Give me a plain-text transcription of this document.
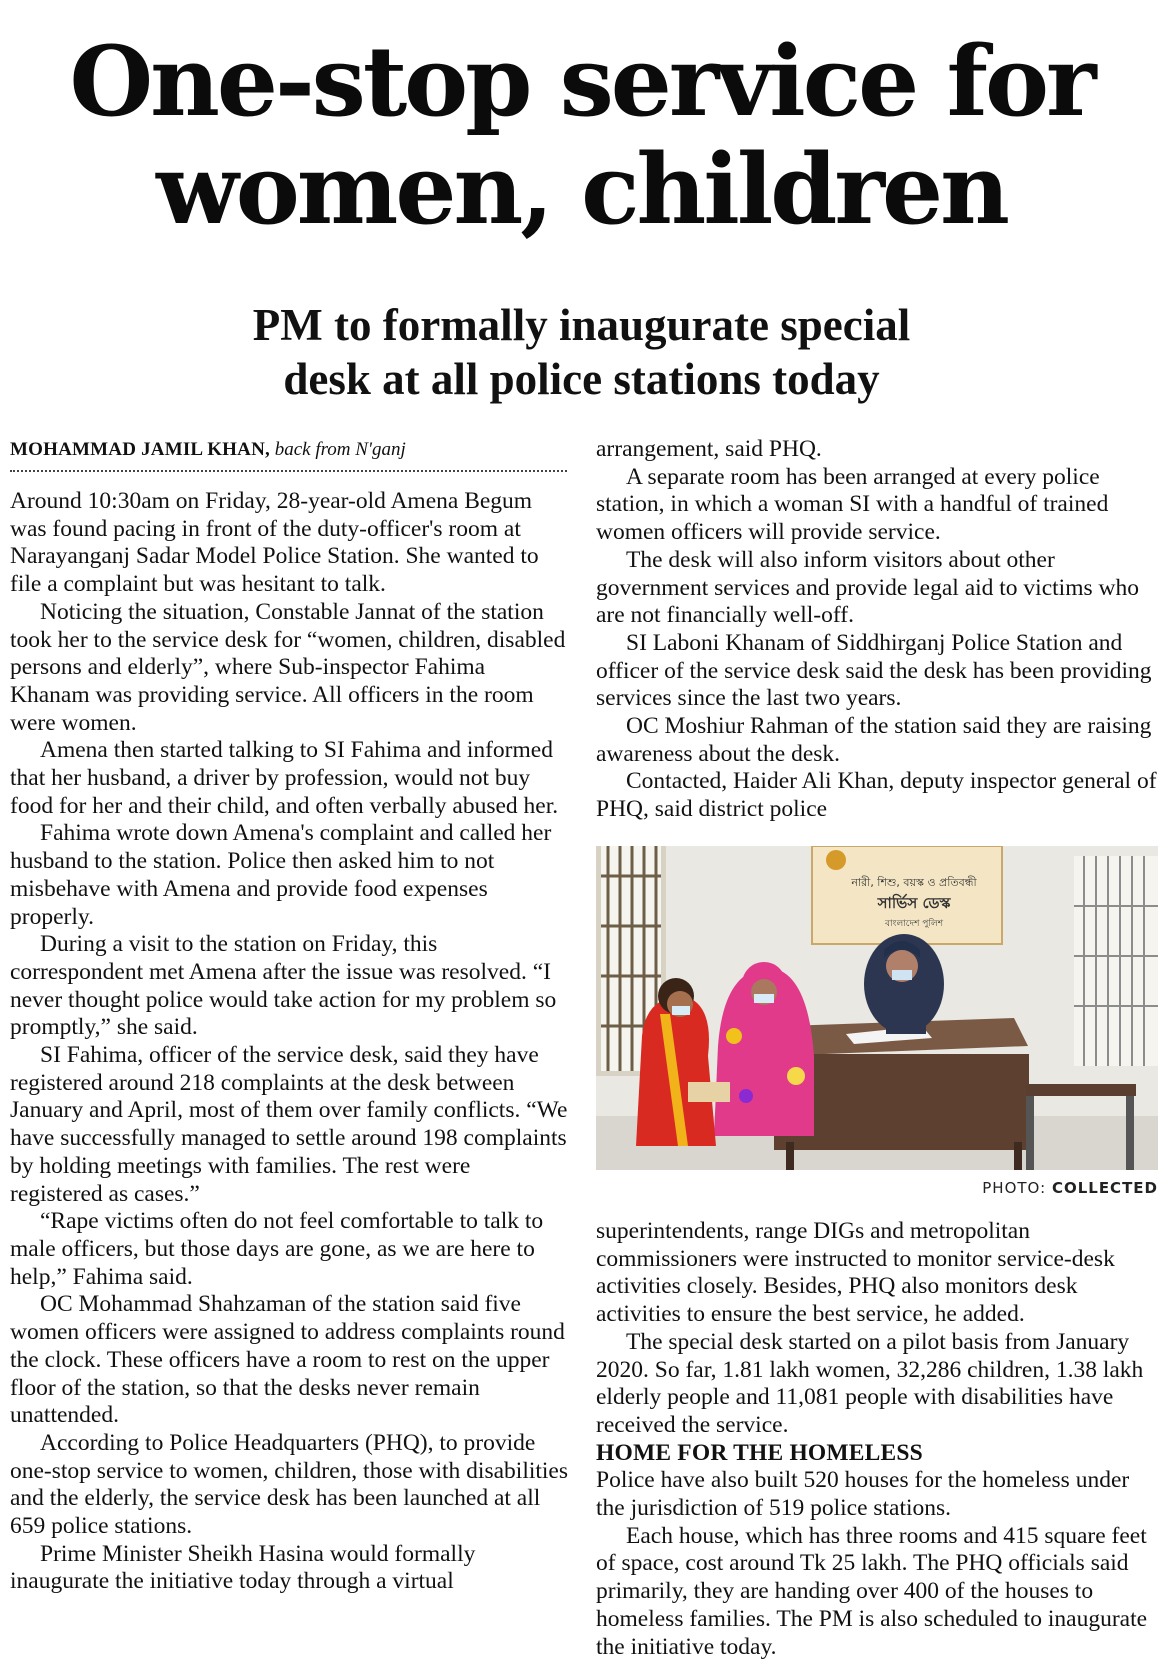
One-stop service for
women, children
PM to formally inaugurate special
desk at all police stations today
MOHAMMAD JAMIL KHAN, back from N'ganj

Around 10:30am on Friday, 28-year-old Amena Begum was found pacing in front of the duty-officer's room at Narayanganj Sadar Model Police Station. She wanted to file a complaint but was hesitant to talk.

Noticing the situation, Constable Jannat of the station took her to the service desk for “women, children, disabled persons and elderly”, where Sub-inspector Fahima Khanam was providing service. All officers in the room were women.

Amena then started talking to SI Fahima and informed that her husband, a driver by profession, would not buy food for her and their child, and often verbally abused her.

Fahima wrote down Amena's complaint and called her husband to the station. Police then asked him to not misbehave with Amena and provide food expenses properly.

During a visit to the station on Friday, this correspondent met Amena after the issue was resolved. “I never thought police would take action for my problem so promptly,” she said.

SI Fahima, officer of the service desk, said they have registered around 218 complaints at the desk between January and April, most of them over family conflicts. “We have successfully managed to settle around 198 complaints by holding meetings with families. The rest were registered as cases.”

“Rape victims often do not feel comfortable to talk to male officers, but those days are gone, as we are here to help,” Fahima said.

OC Mohammad Shahzaman of the station said five women officers were assigned to address complaints round the clock. These officers have a room to rest on the upper floor of the station, so that the desks never remain unattended.

According to Police Headquarters (PHQ), to provide one-stop service to women, children, those with disabilities and the elderly, the service desk has been launched at all 659 police stations.

Prime Minister Sheikh Hasina would formally inaugurate the initiative today through a virtual

arrangement, said PHQ.

A separate room has been arranged at every police station, in which a woman SI with a handful of trained women officers will provide service.

The desk will also inform visitors about other government services and provide legal aid to victims who are not financially well-off.

SI Laboni Khanam of Siddhirganj Police Station and officer of the service desk said the desk has been providing services since the last two years.

OC Moshiur Rahman of the station said they are raising awareness about the desk.

Contacted, Haider Ali Khan, deputy inspector general of PHQ, said district police

নারী, শিশু, বয়স্ক ও প্রতিবন্ধী
সার্ভিস ডেস্ক
বাংলাদেশ পুলিশ
PHOTO: COLLECTED

superintendents, range DIGs and metropolitan commissioners were instructed to monitor service-desk activities closely. Besides, PHQ also monitors desk activities to ensure the best service, he added.

The special desk started on a pilot basis from January 2020. So far, 1.81 lakh women, 32,286 children, 1.38 lakh elderly people and 11,081 people with disabilities have received the service.

HOME FOR THE HOMELESS

Police have also built 520 houses for the homeless under the jurisdiction of 519 police stations.

Each house, which has three rooms and 415 square feet of space, cost around Tk 25 lakh. The PHQ officials said primarily, they are handing over 400 of the houses to homeless families. The PM is also scheduled to inaugurate the initiative today.
